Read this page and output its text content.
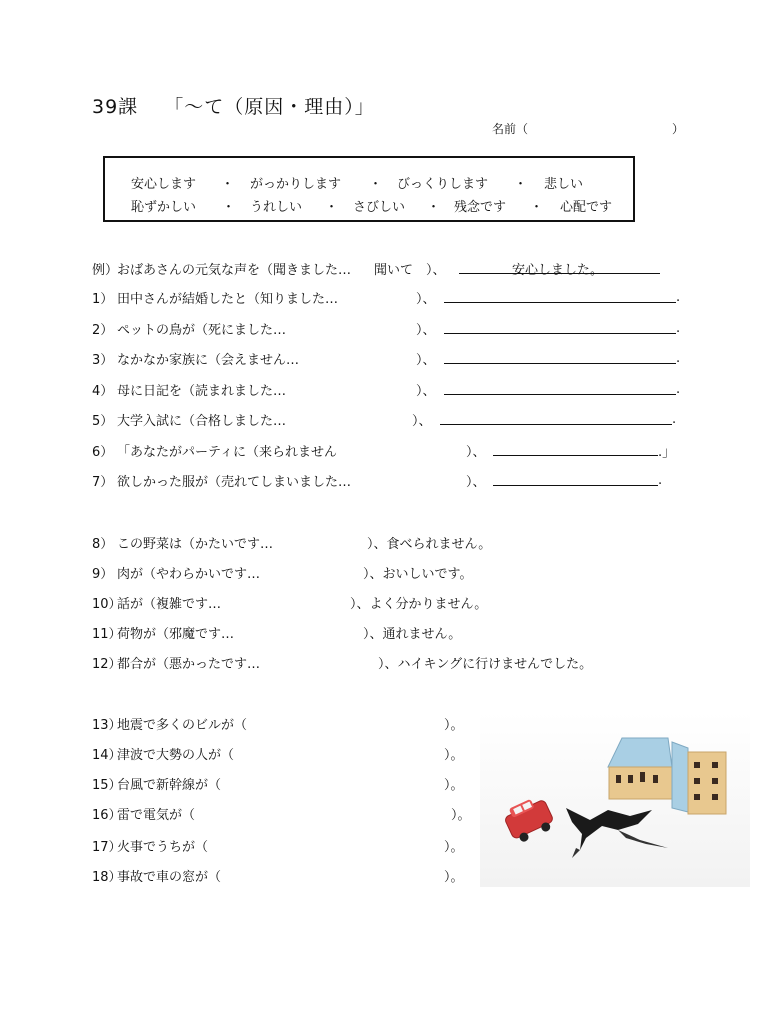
39課 「～て（原因・理由）」
名前（　　　　　　　　　　　　）
安心します ・ がっかりします ・ びっくりします ・ 悲しい
恥ずかしい ・ うれしい ・ さびしい ・ 残念です ・ 心配です
例）
おばあさんの元気な声を（聞きました… 聞いて ）、	安心しました。
1） 田中さんが結婚したと（知りました…	）、	.
2） ペットの鳥が（死にました…	）、	.
3） なかなか家族に（会えません…	）、	.
4） 母に日記を（読まれました…	）、	.
5） 大学入試に（合格しました…	）、	.
6） 「あなたがパーティに（来られません	）、	.」
7） 欲しかった服が（売れてしまいました…	）、	.
8） この野菜は（かたいです…	）、食べられません。
9） 肉が（やわらかいです…	）、おいしいです。
10）
話が（複雑です…	）、よく分かりません。
11）
荷物が（邪魔です…	）、通れません。
12）
都合が（悪かったです…	）、ハイキングに行けませんでした。
13）
地震で多くのビルが（	）。
14）
津波で大勢の人が（	）。
15）
台風で新幹線が（	）。
16）
雷で電気が（	）。
17）
火事でうちが（	）。
18）
事故で車の窓が（	）。
